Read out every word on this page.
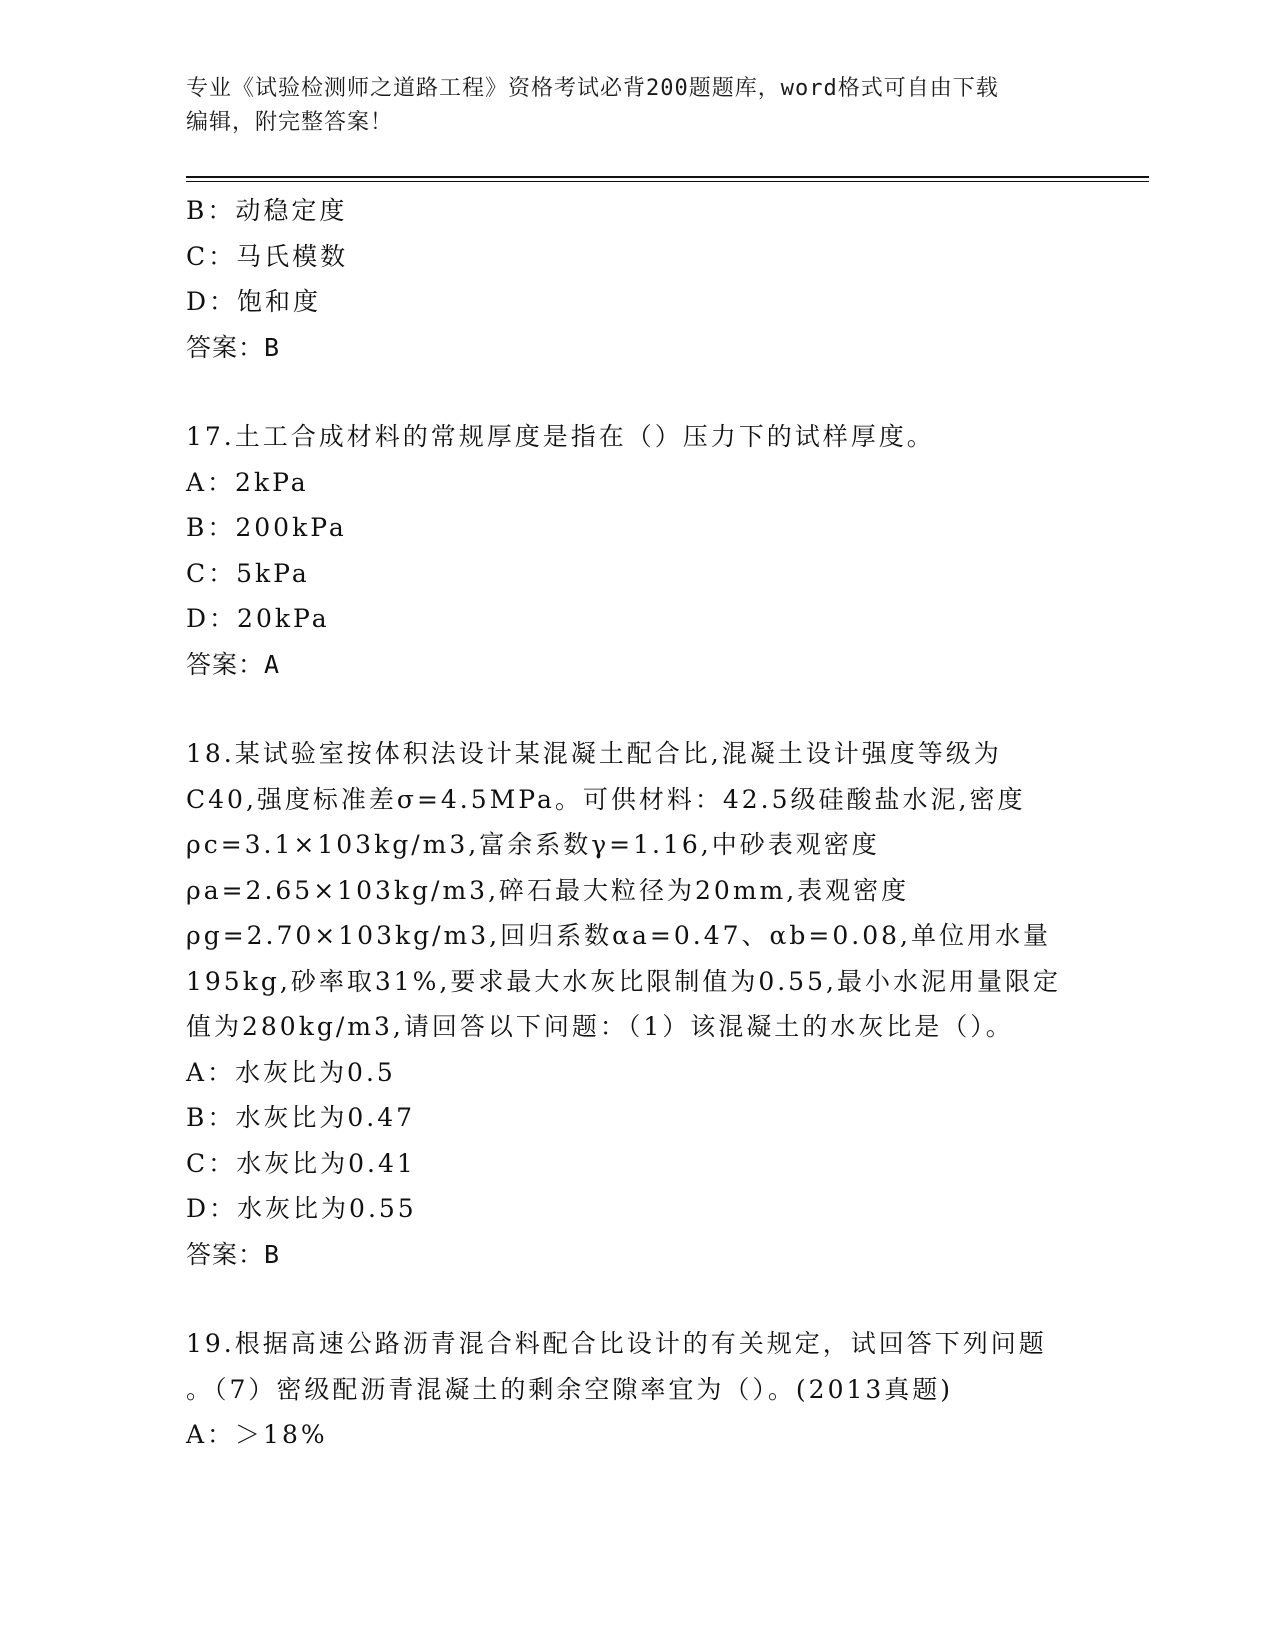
专业《试验检测师之道路工程》资格考试必背200题题库，word格式可自由下载
编辑，附完整答案！
B：动稳定度
C：马氏模数
D：饱和度
答案：B
17.土工合成材料的常规厚度是指在（）压力下的试样厚度。
A：2kPa
B：200kPa
C：5kPa
D：20kPa
答案：A
18.某试验室按体积法设计某混凝土配合比,混凝土设计强度等级为
C40,强度标准差σ=4.5MPa。可供材料：42.5级硅酸盐水泥,密度
ρc=3.1×103kg/m3,富余系数γ=1.16,中砂表观密度
ρa=2.65×103kg/m3,碎石最大粒径为20mm,表观密度
ρg=2.70×103kg/m3,回归系数αa=0.47、αb=0.08,单位用水量
195kg,砂率取31%,要求最大水灰比限制值为0.55,最小水泥用量限定
值为280kg/m3,请回答以下问题：（1）该混凝土的水灰比是（）。
A：水灰比为0.5
B：水灰比为0.47
C：水灰比为0.41
D：水灰比为0.55
答案：B
19.根据高速公路沥青混合料配合比设计的有关规定，试回答下列问题
。（7）密级配沥青混凝土的剩余空隙率宜为（）。(2013真题)
A：＞18%
